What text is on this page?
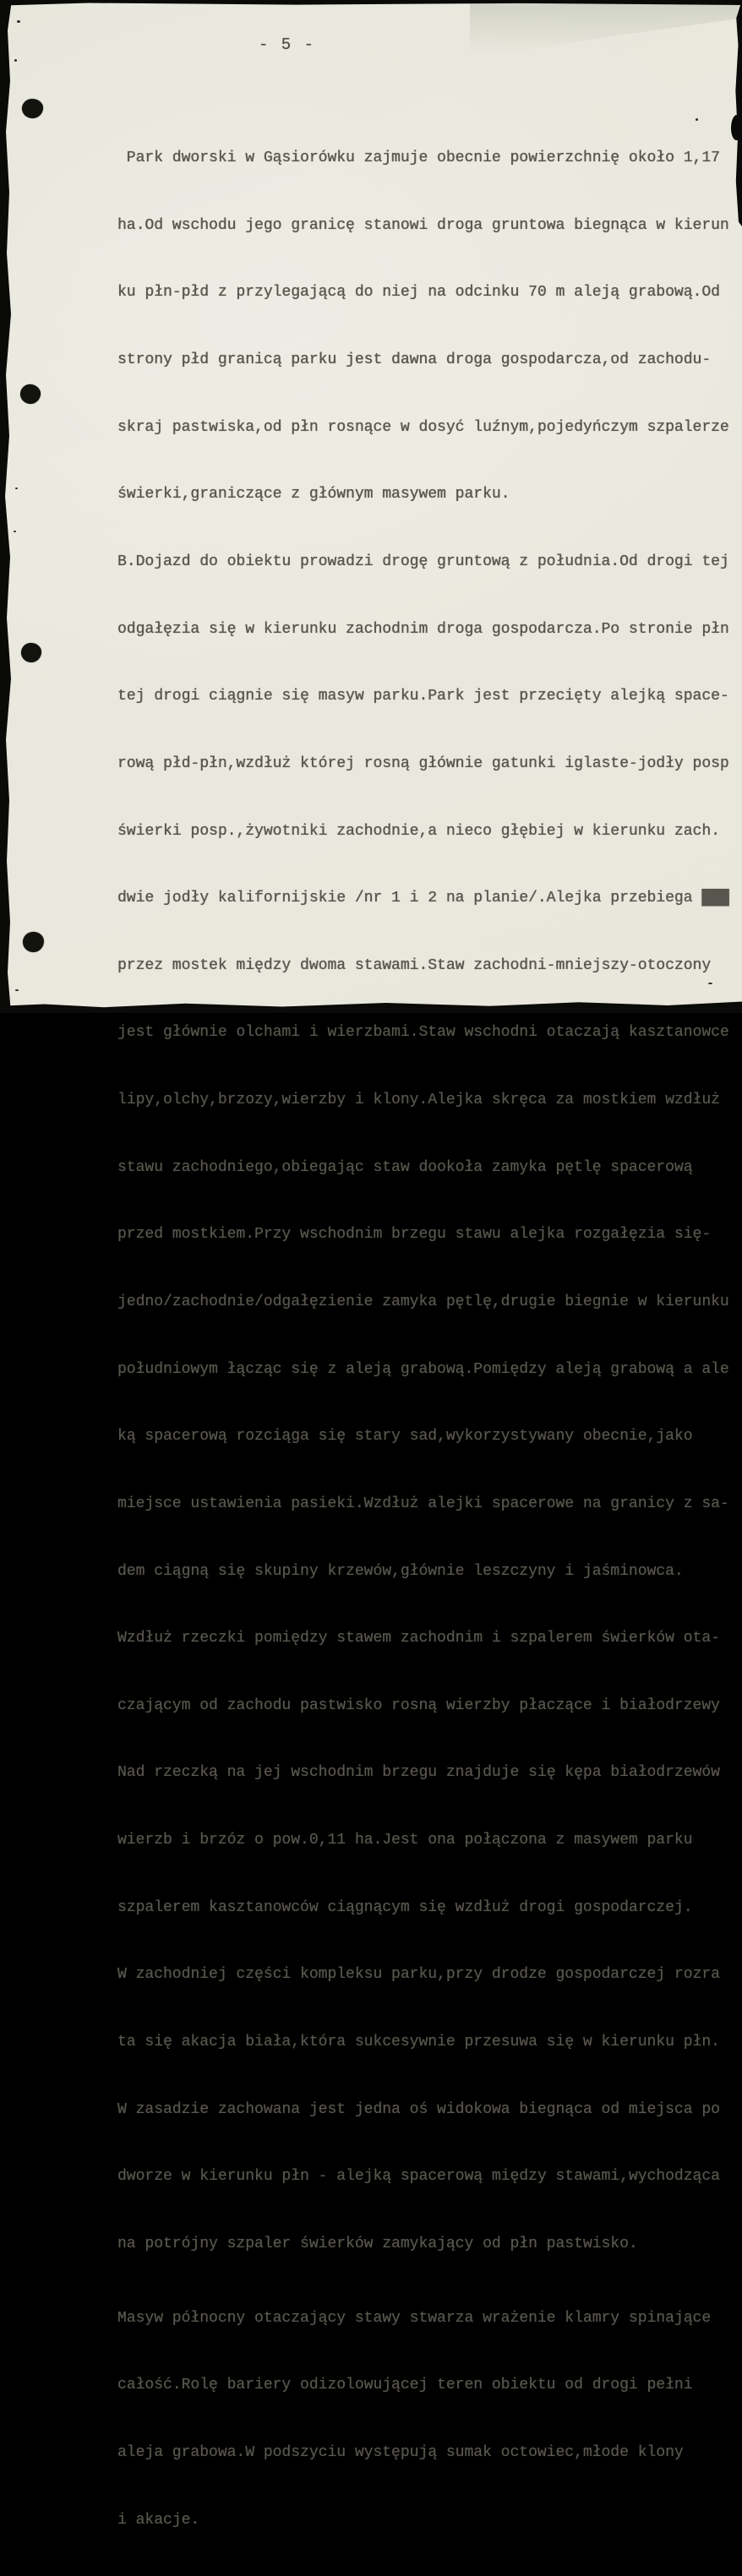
- 5 -

Park dworski w Gąsiorówku zajmuje obecnie powierzchnię około 1,17

ha.Od wschodu jego granicę stanowi droga gruntowa biegnąca w kierun

ku płn-płd z przylegającą do niej na odcinku 70 m aleją grabową.Od

strony płd granicą parku jest dawna droga gospodarcza,od zachodu-

skraj pastwiska,od płn rosnące w dosyć luźnym,pojedyńczym szpalerze

świerki,graniczące z głównym masywem parku.

B.Dojazd do obiektu prowadzi drogę gruntową z południa.Od drogi tej

odgałęzia się w kierunku zachodnim droga gospodarcza.Po stronie płn

tej drogi ciągnie się masyw parku.Park jest przecięty alejką space-

rową płd-płn,wzdłuż której rosną głównie gatunki iglaste-jodły posp

świerki posp.,żywotniki zachodnie,a nieco głębiej w kierunku zach.

dwie jodły kalifornijskie /nr 1 i 2 na planie/.Alejka przebiega ███

przez mostek między dwoma stawami.Staw zachodni-mniejszy-otoczony

jest głównie olchami i wierzbami.Staw wschodni otaczają kasztanowce

lipy,olchy,brzozy,wierzby i klony.Alejka skręca za mostkiem wzdłuż

stawu zachodniego,obiegając staw dookoła zamyka pętlę spacerową

przed mostkiem.Przy wschodnim brzegu stawu alejka rozgałęzia się-

jedno/zachodnie/odgałęzienie zamyka pętlę,drugie biegnie w kierunku

południowym łącząc się z aleją grabową.Pomiędzy aleją grabową a ale

ką spacerową rozciąga się stary sad,wykorzystywany obecnie,jako

miejsce ustawienia pasieki.Wzdłuż alejki spacerowe na granicy z sa-

dem ciągną się skupiny krzewów,głównie leszczyny i jaśminowca.

Wzdłuż rzeczki pomiędzy stawem zachodnim i szpalerem świerków ota-

czającym od zachodu pastwisko rosną wierzby płaczące i białodrzewy

Nad rzeczką na jej wschodnim brzegu znajduje się kępa białodrzewów

wierzb i brzóz o pow.0,11 ha.Jest ona połączona z masywem parku

szpalerem kasztanowców ciągnącym się wzdłuż drogi gospodarczej.

W zachodniej części kompleksu parku,przy drodze gospodarczej rozra

ta się akacja biała,która sukcesywnie przesuwa się w kierunku płn.

W zasadzie zachowana jest jedna oś widokowa biegnąca od miejsca po

dworze w kierunku płn - alejką spacerową między stawami,wychodząca

na potrójny szpaler świerków zamykający od płn pastwisko.

Masyw północny otaczający stawy stwarza wrażenie klamry spinające

całość.Rolę bariery odizolowującej teren obiektu od drogi pełni

aleja grabowa.W podszyciu występują sumak octowiec,młode klony

i akacje.
